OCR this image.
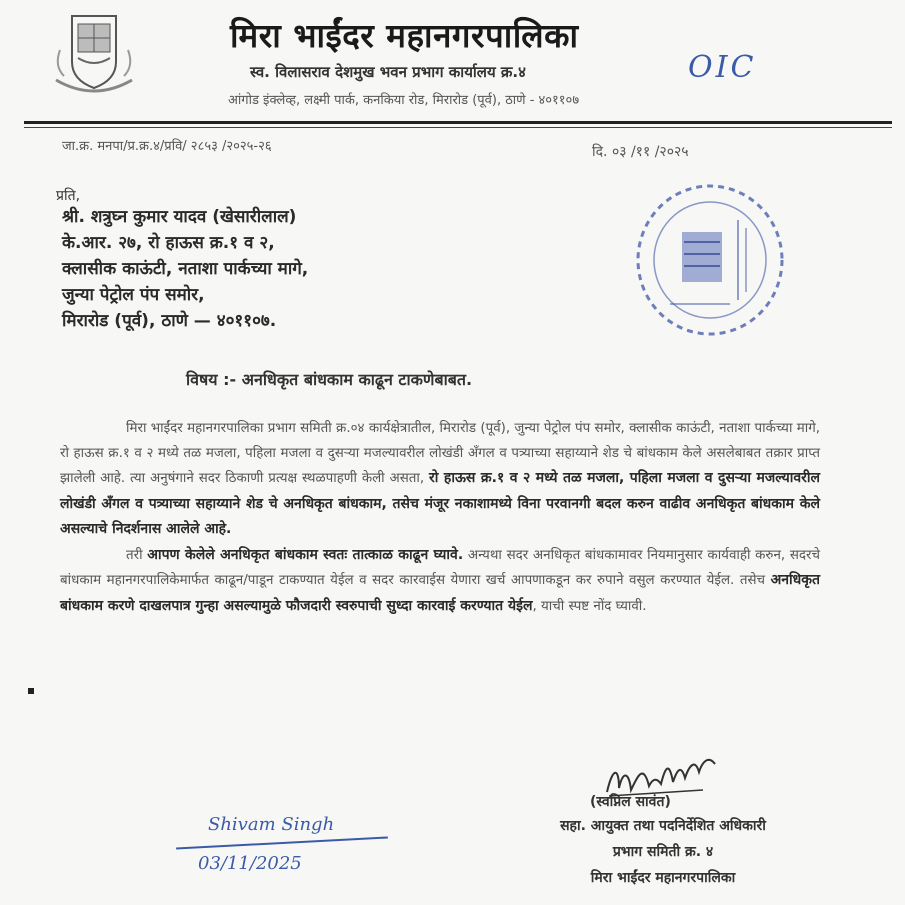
मिरा भाईंदर महानगरपालिका
स्व. विलासराव देशमुख भवन प्रभाग कार्यालय क्र.४
आंगोड इंक्लेव्ह, लक्ष्मी पार्क, कनकिया रोड, मिरारोड (पूर्व), ठाणे - ४०११०७
OIC
जा.क्र. मनपा/प्र.क्र.४/प्रवि/ २८५३ /२०२५-२६	दि. ०३ /११ /२०२५
प्रति,
श्री. शत्रुघ्न कुमार यादव (खेसारीलाल)
के.आर. २७, रो हाऊस क्र.१ व २,
क्लासीक काऊंटी, नताशा पार्कच्या मागे,
जुन्या पेट्रोल पंप समोर,
मिरारोड (पूर्व), ठाणे — ४०११०७.
विषय :- अनधिकृत बांधकाम काढून टाकणेबाबत.

मिरा भाईंदर महानगरपालिका प्रभाग समिती क्र.०४ कार्यक्षेत्रातील, मिरारोड (पूर्व), जुन्या पेट्रोल पंप समोर, क्लासीक काऊंटी, नताशा पार्कच्या मागे, रो हाऊस क्र.१ व २ मध्ये तळ मजला, पहिला मजला व दुसऱ्या मजल्यावरील लोखंडी अँगल व पत्र्याच्या सहाय्याने शेड चे बांधकाम केले असलेबाबत तक्रार प्राप्त झालेली आहे. त्या अनुषंगाने सदर ठिकाणी प्रत्यक्ष स्थळपाहणी केली असता, रो हाऊस क्र.१ व २ मध्ये तळ मजला, पहिला मजला व दुसऱ्या मजल्यावरील लोखंडी अँगल व पत्र्याच्या सहाय्याने शेड चे अनधिकृत बांधकाम, तसेच मंजूर नकाशामध्ये विना परवानगी बदल करुन वाढीव अनधिकृत बांधकाम केले असल्याचे निदर्शनास आलेले आहे.

तरी आपण केलेले अनधिकृत बांधकाम स्वतः तात्काळ काढून घ्यावे. अन्यथा सदर अनधिकृत बांधकामावर नियमानुसार कार्यवाही करुन, सदरचे बांधकाम महानगरपालिकेमार्फत काढून/पाडून टाकण्यात येईल व सदर कारवाईस येणारा खर्च आपणाकडून कर रुपाने वसुल करण्यात येईल. तसेच अनधिकृत बांधकाम करणे दाखलपात्र गुन्हा असल्यामुळे फौजदारी स्वरुपाची सुध्दा कारवाई करण्यात येईल, याची स्पष्ट नोंद घ्यावी.

(स्वप्निल सावंत)
सहा. आयुक्त तथा पदनिर्देशित अधिकारी
प्रभाग समिती क्र. ४
मिरा भाईंदर महानगरपालिका
Shivam Singh
03/11/2025
